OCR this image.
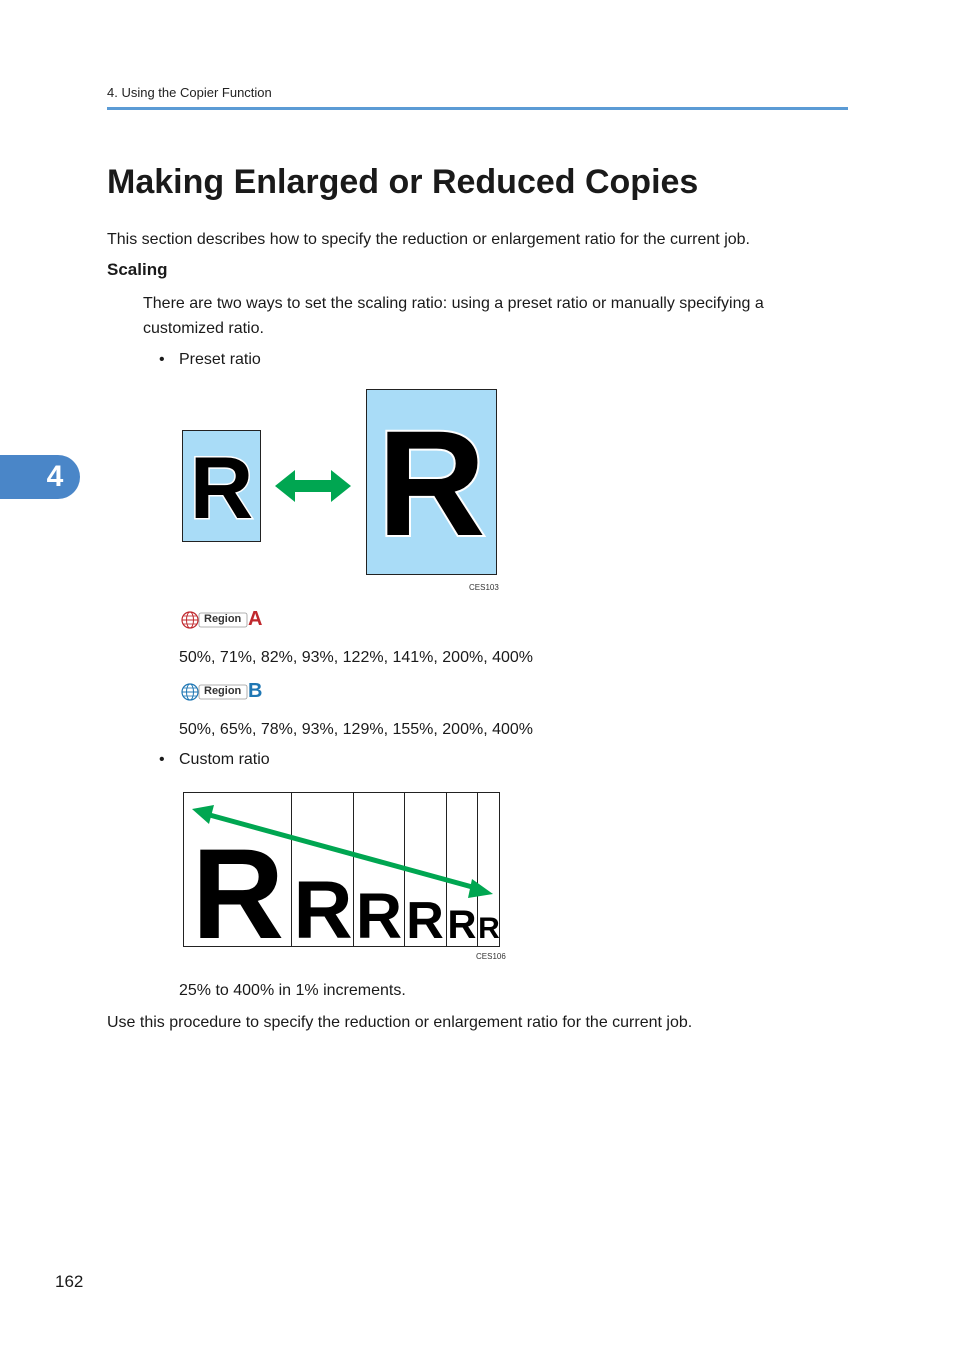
4. Using the Copier Function
4
Making Enlarged or Reduced Copies
This section describes how to specify the reduction or enlargement ratio for the current job.
Scaling
There are two ways to set the scaling ratio: using a preset ratio or manually specifying a
customized ratio.
• Preset ratio
R R
CES103
Region A
50%, 71%, 82%, 93%, 122%, 141%, 200%, 400%
Region B
50%, 65%, 78%, 93%, 129%, 155%, 200%, 400%
• Custom ratio
R R R R R R
CES106
25% to 400% in 1% increments.
Use this procedure to specify the reduction or enlargement ratio for the current job.
162
